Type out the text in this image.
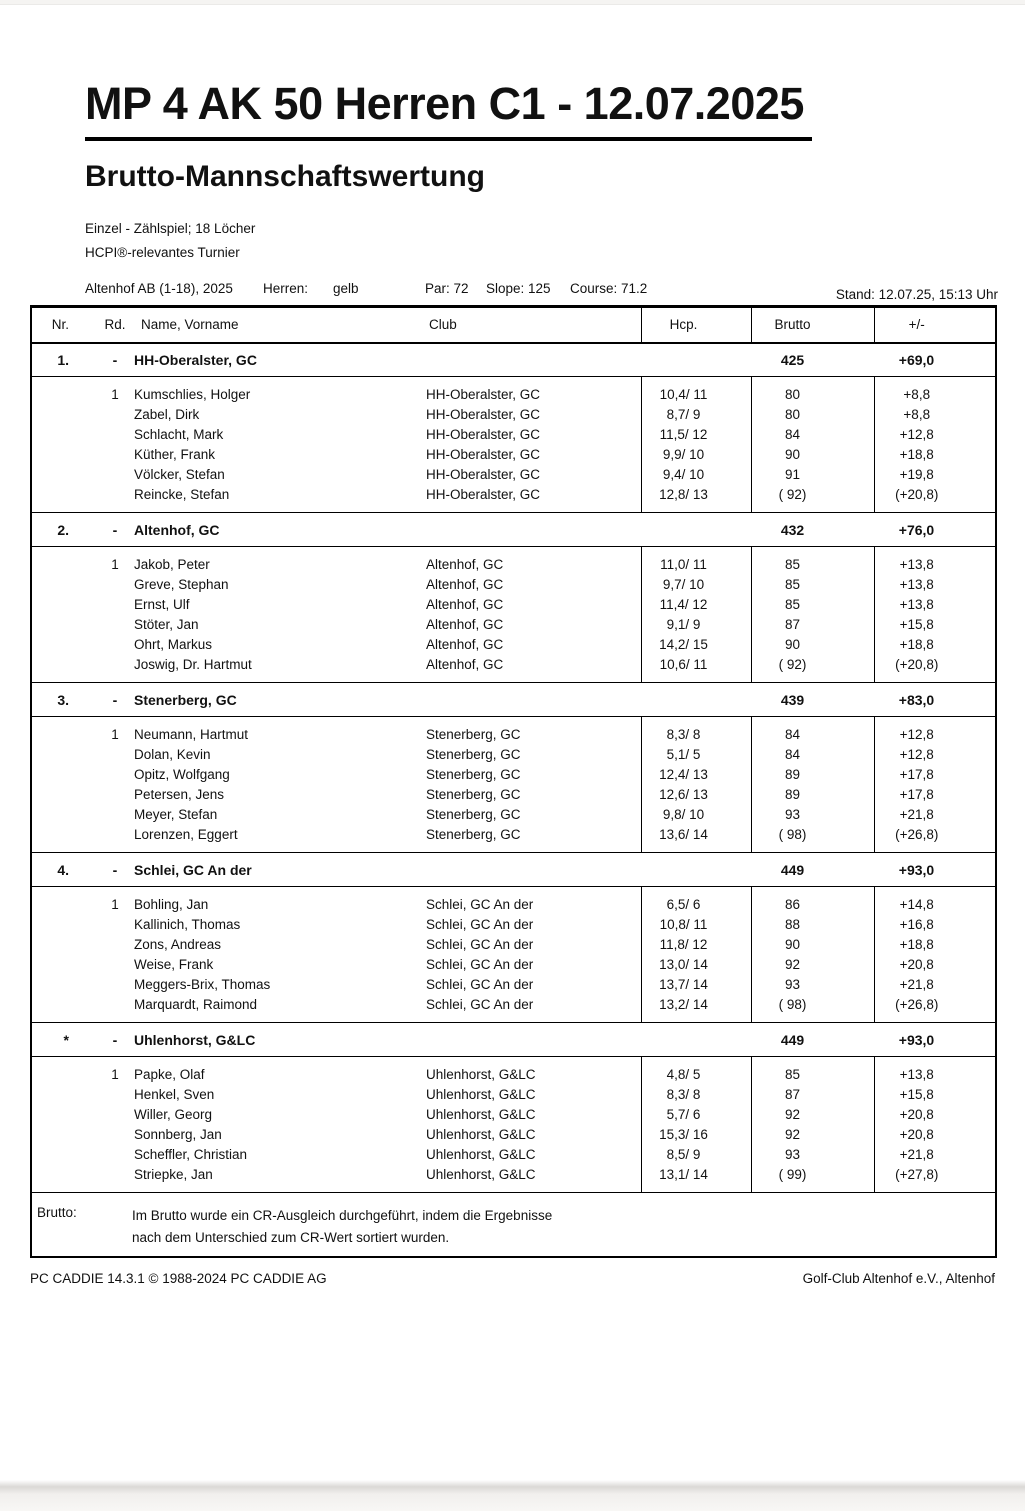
MP 4 AK 50 Herren C1 - 12.07.2025
Brutto-Mannschaftswertung
Einzel - Zählspiel; 18 Löcher
HCPI®-relevantes Turnier
Altenhof AB (1-18), 2025 Herren: gelb	Par: 72 Slope: 125 Course: 71.2	Stand: 12.07.25, 15:13 Uhr
Nr.	Rd.	Name, Vorname	Club	Hcp.	Brutto	+/-
1.	-	HH-Oberalster, GC			425	+69,0
	1	Kumschlies, Holger	HH-Oberalster, GC	10,4/ 11	80	+8,8
		Zabel, Dirk	HH-Oberalster, GC	8,7/ 9	80	+8,8
		Schlacht, Mark	HH-Oberalster, GC	11,5/ 12	84	+12,8
		Küther, Frank	HH-Oberalster, GC	9,9/ 10	90	+18,8
		Völcker, Stefan	HH-Oberalster, GC	9,4/ 10	91	+19,8
		Reincke, Stefan	HH-Oberalster, GC	12,8/ 13	( 92)	(+20,8)
2.	-	Altenhof, GC			432	+76,0
	1	Jakob, Peter	Altenhof, GC	11,0/ 11	85	+13,8
		Greve, Stephan	Altenhof, GC	9,7/ 10	85	+13,8
		Ernst, Ulf	Altenhof, GC	11,4/ 12	85	+13,8
		Stöter, Jan	Altenhof, GC	9,1/ 9	87	+15,8
		Ohrt, Markus	Altenhof, GC	14,2/ 15	90	+18,8
		Joswig, Dr. Hartmut	Altenhof, GC	10,6/ 11	( 92)	(+20,8)
3.	-	Stenerberg, GC			439	+83,0
	1	Neumann, Hartmut	Stenerberg, GC	8,3/ 8	84	+12,8
		Dolan, Kevin	Stenerberg, GC	5,1/ 5	84	+12,8
		Opitz, Wolfgang	Stenerberg, GC	12,4/ 13	89	+17,8
		Petersen, Jens	Stenerberg, GC	12,6/ 13	89	+17,8
		Meyer, Stefan	Stenerberg, GC	9,8/ 10	93	+21,8
		Lorenzen, Eggert	Stenerberg, GC	13,6/ 14	( 98)	(+26,8)
4.	-	Schlei, GC An der			449	+93,0
	1	Bohling, Jan	Schlei, GC An der	6,5/ 6	86	+14,8
		Kallinich, Thomas	Schlei, GC An der	10,8/ 11	88	+16,8
		Zons, Andreas	Schlei, GC An der	11,8/ 12	90	+18,8
		Weise, Frank	Schlei, GC An der	13,0/ 14	92	+20,8
		Meggers-Brix, Thomas	Schlei, GC An der	13,7/ 14	93	+21,8
		Marquardt, Raimond	Schlei, GC An der	13,2/ 14	( 98)	(+26,8)
*	-	Uhlenhorst, G&LC			449	+93,0
	1	Papke, Olaf	Uhlenhorst, G&LC	4,8/ 5	85	+13,8
		Henkel, Sven	Uhlenhorst, G&LC	8,3/ 8	87	+15,8
		Willer, Georg	Uhlenhorst, G&LC	5,7/ 6	92	+20,8
		Sonnberg, Jan	Uhlenhorst, G&LC	15,3/ 16	92	+20,8
		Scheffler, Christian	Uhlenhorst, G&LC	8,5/ 9	93	+21,8
		Striepke, Jan	Uhlenhorst, G&LC	13,1/ 14	( 99)	(+27,8)

Brutto: Im Brutto wurde ein CR-Ausgleich durchgeführt, indem die Ergebnisse
nach dem Unterschied zum CR-Wert sortiert wurden.						
PC CADDIE 14.3.1 © 1988-2024 PC CADDIE AG	Golf-Club Altenhof e.V., Altenhof
